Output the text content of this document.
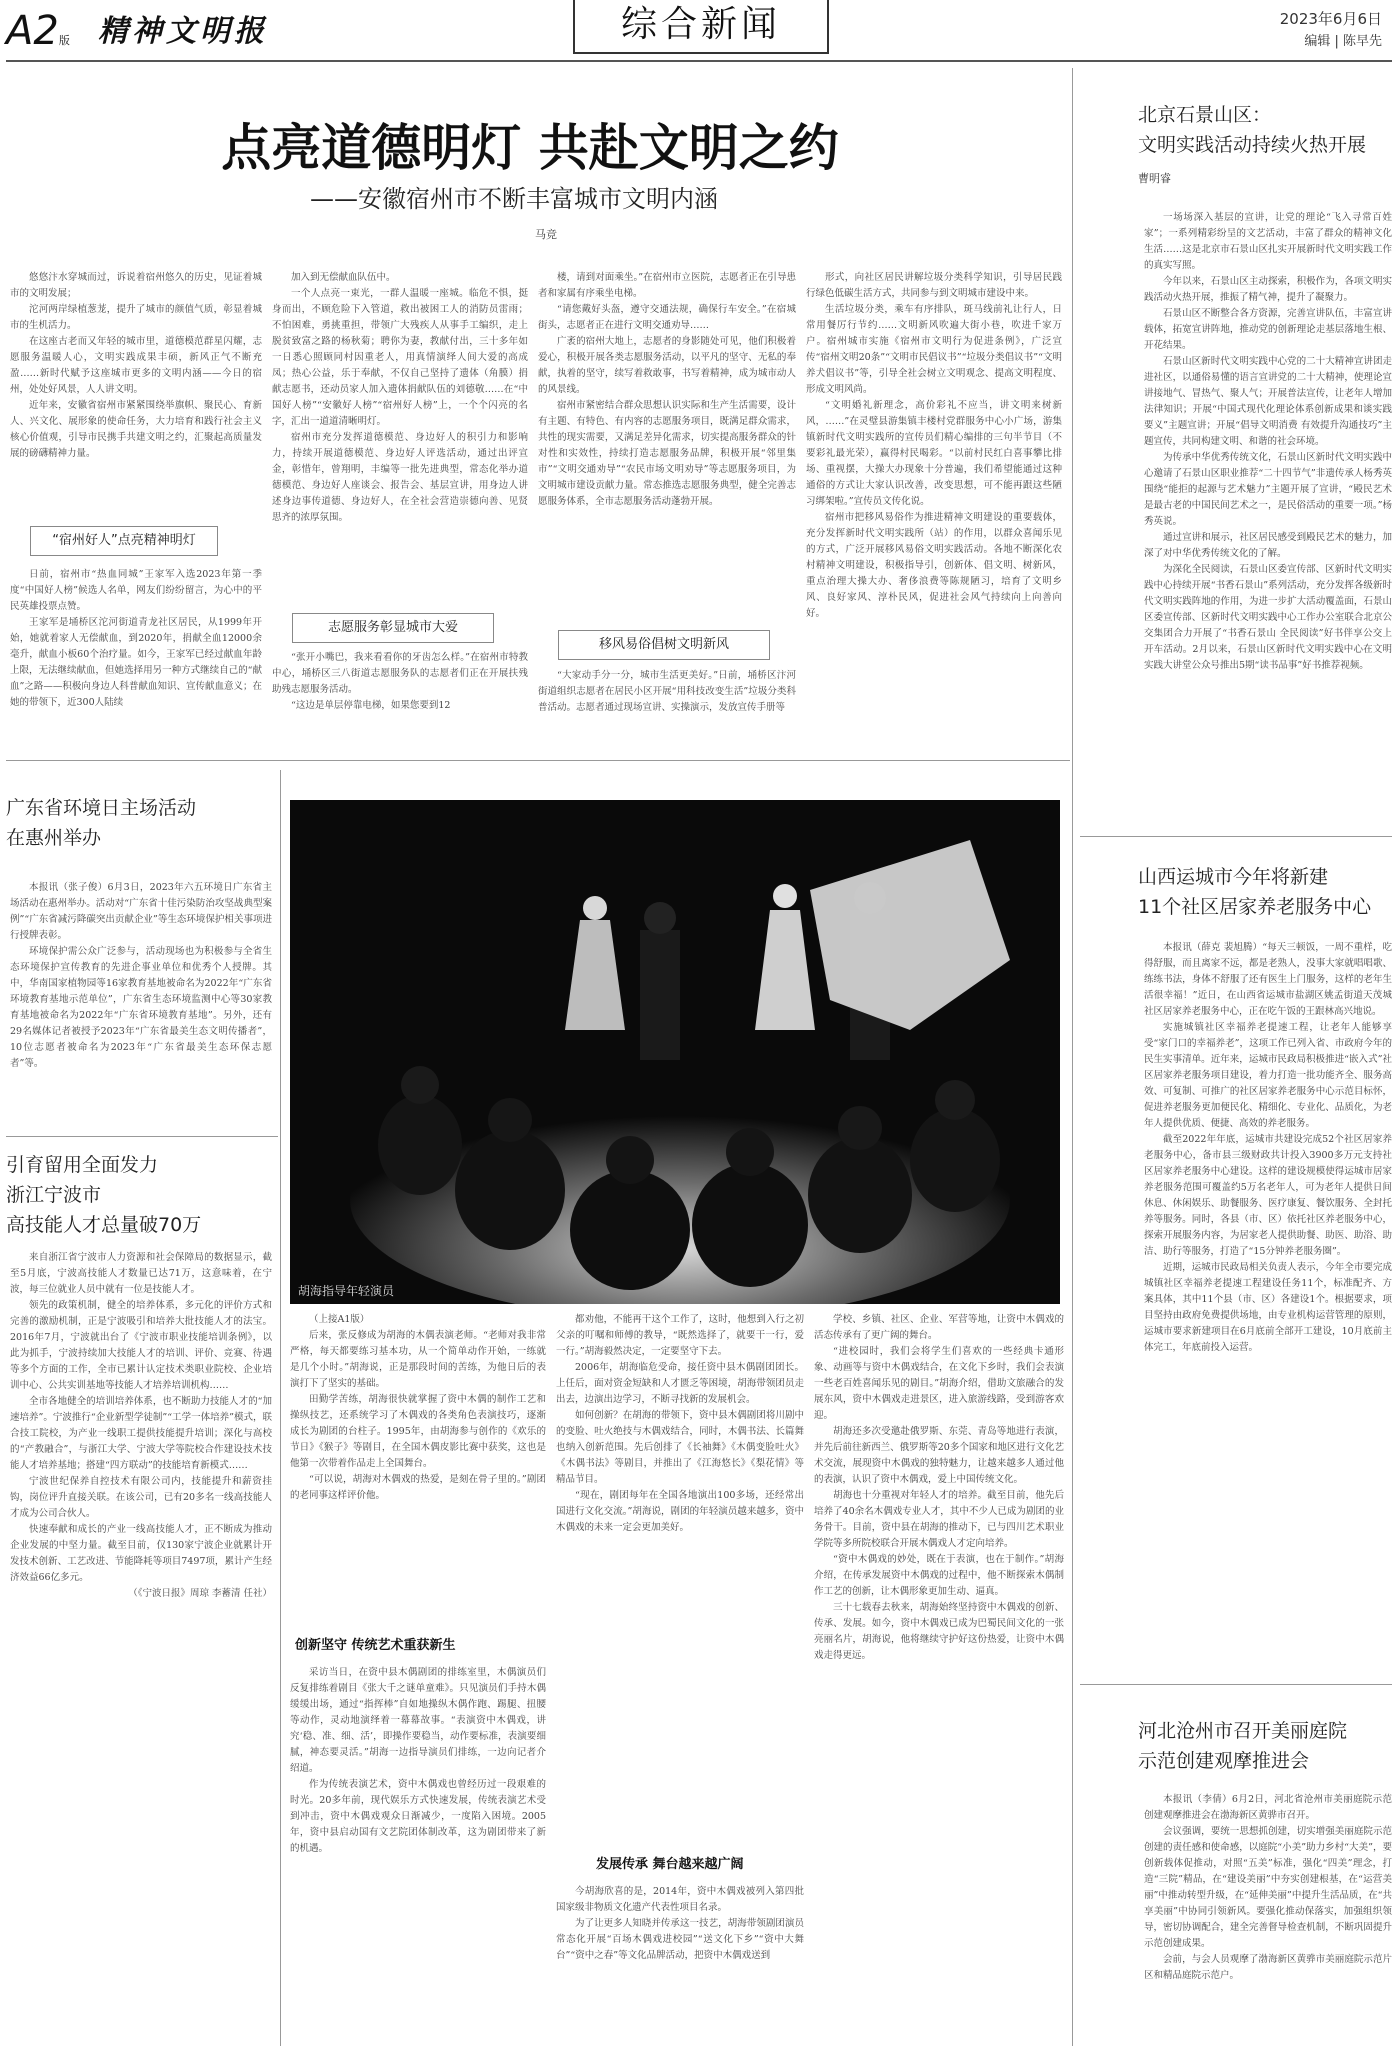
A2版 精神文明报	综合新闻	2023年6月6日
编辑 | 陈早先
点亮道德明灯 共赴文明之约
——安徽宿州市不断丰富城市文明内涵
马竞

悠悠汴水穿城而过，诉说着宿州悠久的历史，见证着城市的文明发展；

沱河两岸绿植葱茏，提升了城市的颜值气质，彰显着城市的生机活力。

在这座古老而又年轻的城市里，道德模范群星闪耀，志愿服务温暖人心，文明实践成果丰硕，新风正气不断充盈……新时代赋予这座城市更多的文明内涵——今日的宿州，处处好风景，人人讲文明。

近年来，安徽省宿州市紧紧围绕举旗帜、聚民心、育新人、兴文化、展形象的使命任务，大力培育和践行社会主义核心价值观，引导市民携手共建文明之约，汇聚起高质量发展的磅礴精神力量。

“宿州好人”点亮精神明灯

日前，宿州市“热血同城”王家军入选2023年第一季度“中国好人榜”候选人名单，网友们纷纷留言，为心中的平民英雄投票点赞。

王家军是埇桥区沱河街道青龙社区居民，从1999年开始，她就着家人无偿献血，到2020年，捐献全血12000余毫升，献血小板60个治疗量。如今，王家军已经过献血年龄上限，无法继续献血，但她选择用另一种方式继续自己的“献血”之路——积极向身边人科普献血知识、宣传献血意义；在她的带领下，近300人陆续

加入到无偿献血队伍中。

一个人点亮一束光，一群人温暖一座城。临危不惧，挺身而出，不顾危险下入管道，救出被困工人的消防员雷雨；不怕困难，勇挑重担，带领广大残疾人从事手工编织，走上脱贫致富之路的杨秋菊；聘你为妻，教献付出，三十多年如一日悉心照顾同村因重老人，用真情演绎人间大爱的高成凤；热心公益，乐于奉献，不仅自己坚持了遗体（角膜）捐献志愿书，还动员家人加入遗体捐献队伍的刘德敬……在“中国好人榜”“安徽好人榜”“宿州好人榜”上，一个个闪亮的名字，汇出一道道清晰明灯。

宿州市充分发挥道德模范、身边好人的积引力和影响力，持续开展道德模范、身边好人评选活动，通过出评宣金，彰惜年，曾翔明，丰编等一批先进典型，常态化举办道德模范、身边好人座谈会、报告会、基层宣讲，用身边人讲述身边事传道德、身边好人，在全社会营造崇德向善、见贤思齐的浓厚氛围。

志愿服务彰显城市大爱

“张开小嘴巴，我来看看你的牙齿怎么样。”在宿州市特教中心，埇桥区三八街道志愿服务队的志愿者们正在开展扶残助残志愿服务活动。

“这边是单层停靠电梯，如果您要到12

楼，请到对面乘坐。”在宿州市立医院，志愿者正在引导患者和家属有序乘坐电梯。

“请您戴好头盔，遵守交通法规，确保行车安全。”在宿城街头，志愿者正在进行文明交通劝导……

广袤的宿州大地上，志愿者的身影随处可见，他们积极着爱心，积极开展各类志愿服务活动，以平凡的坚守、无私的奉献，执着的坚守，续写着救敢事，书写着精神，成为城市动人的风景线。

宿州市紧密结合群众思想认识实际和生产生活需要，设计有主题、有特色、有内容的志愿服务项目，既满足群众需求，共性的现实需要，又满足差异化需求，切实提高服务群众的针对性和实效性，持续打造志愿服务品牌，积极开展“邻里集市”“文明交通劝导”“农民市场文明劝导”等志愿服务项目，为文明城市建设贡献力量。常态推选志愿服务典型，健全完善志愿服务体系，全市志愿服务活动蓬勃开展。

移风易俗倡树文明新风

“大家动手分一分，城市生活更美好。”日前，埇桥区汴河街道组织志愿者在居民小区开展“用科技改变生活”垃圾分类科普活动。志愿者通过现场宣讲、实操演示，发放宣传手册等

形式，向社区居民讲解垃圾分类科学知识，引导居民践行绿色低碳生活方式，共同参与到文明城市建设中来。

生活垃圾分类，乘车有序排队，斑马线前礼让行人，日常用餐厉行节约……文明新风吹遍大街小巷，吹进千家万户。宿州城市实施《宿州市文明行为促进条例》，广泛宣传“宿州文明20条”“文明市民倡议书”“垃圾分类倡议书”“文明养犬倡议书”等，引导全社会树立文明观念、提高文明程度、形成文明风尚。

“文明婚礼新理念，高价彩礼不应当，讲文明来树新风，……”在灵璧县游集镇丰楼村党群服务中心小广场，游集镇新时代文明实践所的宣传员们精心编排的三句半节目（不要彩礼最光荣），赢得村民喝彩。“以前村民红白喜事攀比排场、重视摆，大操大办现象十分普遍，我们希望能通过这种通俗的方式让大家认识改善，改变思想，可不能再跟这些陋习绑架啦。”宣传员文传化说。

宿州市把移风易俗作为推进精神文明建设的重要载体，充分发挥新时代文明实践所（站）的作用，以群众喜闻乐见的方式，广泛开展移风易俗文明实践活动。各地不断深化农村精神文明建设，积极指导引，创新体、倡文明、树新风，重点治理大操大办、奢侈浪费等陈规陋习，培育了文明乡风、良好家风、淳朴民风，促进社会风气持续向上向善向好。

北京石景山区：
文明实践活动持续火热开展
曹明睿

一场场深入基层的宣讲，让党的理论“飞入寻常百姓家”；一系列精彩纷呈的文艺活动，丰富了群众的精神文化生活……这是北京市石景山区扎实开展新时代文明实践工作的真实写照。

今年以来，石景山区主动探索，积极作为，各项文明实践活动火热开展，推振了精气神，提升了凝聚力。

石景山区不断整合各方资源，完善宣讲队伍，丰富宣讲载体，拓宽宣讲阵地，推动党的创新理论走基层落地生根、开花结果。

石景山区新时代文明实践中心党的二十大精神宣讲团走进社区，以通俗易懂的语言宣讲党的二十大精神，使理论宣讲接地气、冒热气、聚人气；开展普法宣传，让老年人增加法律知识；开展“中国式现代化理论体系创新成果和谈实践要义”主题宣讲；开展“倡导文明消费 有效提升沟通技巧”主题宣传，共同构建文明、和谐的社会环境。

为传承中华优秀传统文化，石景山区新时代文明实践中心邀请了石景山区职业推荐“二十四节气”非遗传承人杨秀英围绕“能拒的起源与艺术魅力”主题开展了宣讲，“殿民艺术是最古老的中国民间艺术之一，是民俗活动的重要一项。”杨秀英说。

通过宣讲和展示，社区居民感受到殿民艺术的魅力，加深了对中华优秀传统文化的了解。

为深化全民阅读，石景山区委宣传部、区新时代文明实践中心持续开展“书香石景山”系列活动，充分发挥各级新时代文明实践阵地的作用，为进一步扩大活动覆盖面，石景山区委宣传部、区新时代文明实践中心工作办公室联合北京公交集团合力开展了“书香石景山 全民阅读”好书伴享公交上开车活动。2月以来，石景山区新时代文明实践中心在文明实践大讲堂公众号推出5期“读书品事”好书推荐视频。

广东省环境日主场活动
在惠州举办

本报讯（张子俊）6月3日，2023年六五环境日广东省主场活动在惠州举办。活动对“广东省十佳污染防治攻坚战典型案例”“广东省减污降碳突出贡献企业”等生态环境保护相关事项进行授牌表彰。

环境保护需公众广泛参与，活动现场也为积极参与全省生态环境保护宣传教育的先进企事业单位和优秀个人授牌。其中，华南国家植物园等16家教育基地被命名为2022年“广东省环境教育基地示范单位”，广东省生态环境监测中心等30家教育基地被命名为2022年“广东省环境教育基地”。另外，还有29名媒体记者被授予2023年“广东省最美生态文明传播者”，10位志愿者被命名为2023年“广东省最美生态环保志愿者”等。

引育留用全面发力
浙江宁波市
高技能人才总量破70万

来自浙江省宁波市人力资源和社会保障局的数据显示，截至5月底，宁波高技能人才数量已达71万，这意味着，在宁波，每三位就业人员中就有一位是技能人才。

领先的政策机制，健全的培养体系，多元化的评价方式和完善的激励机制，正是宁波吸引和培养大批技能人才的法宝。2016年7月，宁波就出台了《宁波市职业技能培训条例》，以此为抓手，宁波持续加大技能人才的培训、评价、竞赛、待遇等多个方面的工作，全市已累计认定技术类职业院校、企业培训中心、公共实训基地等技能人才培养培训机构……

全市各地健全的培训培养体系，也不断助力技能人才的“加速培养”。宁波推行“企业新型学徒制”“工学一体培养”模式，联合技工院校，为产业一线职工提供技能提升培训；深化与高校的“产教融合”，与浙江大学、宁波大学等院校合作建设技术技能人才培养基地；搭建“四方联动”的技能培育新模式……

宁波世纪保养自控技术有限公司内，技能提升和薪资挂钩，岗位评升直接关联。在该公司，已有20多名一线高技能人才成为公司合伙人。

快速奉献和成长的产业一线高技能人才，正不断成为推动企业发展的中坚力量。截至目前，仅130家宁波企业就累计开发技术创新、工艺改进、节能降耗等项目7497项，累计产生经济效益66亿多元。

（《宁波日报》周琼 李蓄清 任社）

胡海指导年轻演员

（上接A1版）

后来，张反修成为胡海的木偶表演老师。“老师对我非常严格，每天都要练习基本功，从一个简单动作开始，一练就是几个小时。”胡海说，正是那段时间的苦练，为他日后的表演打下了坚实的基础。

田勤学苦练，胡海很快就掌握了资中木偶的制作工艺和操纵技艺，还系统学习了木偶戏的各类角色表演技巧，逐渐成长为剧团的台柱子。1995年，由胡海参与创作的《欢乐的节日》《猴子》等剧目，在全国木偶皮影比赛中获奖，这也是他第一次带着作品走上全国舞台。

“可以说，胡海对木偶戏的热爱，是刻在骨子里的。”剧团的老同事这样评价他。

创新坚守 传统艺术重获新生

采访当日，在资中县木偶剧团的排练室里，木偶演员们反复排练着剧目《张大千之谜单童难》。只见演员们手持木偶缓缓出场，通过“指挥棒”自如地操纵木偶作跑、踢腿、扭腰等动作，灵动地演绎着一幕幕故事。“表演资中木偶戏，讲究‘稳、准、细、活’，即操作要稳当，动作要标准，表演要细腻，神态要灵活。”胡海一边指导演员们排练，一边向记者介绍道。

作为传统表演艺术，资中木偶戏也曾经历过一段艰难的时光。20多年前，现代娱乐方式快速发展，传统表演艺术受到冲击，资中木偶戏观众日渐减少，一度陷入困境。2005年，资中县启动国有文艺院团体制改革，这为剧团带来了新的机遇。

都劝他，不能再干这个工作了，这时，他想到入行之初父亲的叮嘱和师傅的教导，“既然选择了，就要干一行，爱一行。”胡海毅然决定，一定要坚守下去。

2006年，胡海临危受命，接任资中县木偶剧团团长。上任后，面对资金短缺和人才匮乏等困境，胡海带领团员走出去，边演出边学习，不断寻找新的发展机会。

如何创新？在胡海的带领下，资中县木偶剧团将川剧中的变脸、吐火绝技与木偶戏结合，同时，木偶书法、长篇舞也纳入创新范围。先后创排了《长袖舞》《木偶变脸吐火》《木偶书法》等剧目，并推出了《江海悠长》《梨花情》等精品节目。

“现在，剧团每年在全国各地演出100多场，还经常出国进行文化交流。”胡海说，剧团的年轻演员越来越多，资中木偶戏的未来一定会更加美好。

发展传承 舞台越来越广阔

今胡海欣喜的是，2014年，资中木偶戏被列入第四批国家级非物质文化遗产代表性项目名录。

为了让更多人知晓并传承这一技艺，胡海带领剧团演员常态化开展“百场木偶戏进校园”“送文化下乡”“资中大舞台”“资中之春”等文化品牌活动，把资中木偶戏送到

学校、乡镇、社区、企业、军营等地，让资中木偶戏的活态传承有了更广阔的舞台。

“进校园时，我们会将学生们喜欢的一些经典卡通形象、动画等与资中木偶戏结合，在文化下乡时，我们会表演一些老百姓喜闻乐见的剧目。”胡海介绍，借助文旅融合的发展东风，资中木偶戏走进景区，进入旅游线路，受到游客欢迎。

胡海还多次受邀赴俄罗斯、东莞、青岛等地进行表演，并先后前往新西兰、俄罗斯等20多个国家和地区进行文化艺术交流，展现资中木偶戏的独特魅力，让越来越多人通过他的表演，认识了资中木偶戏，爱上中国传统文化。

胡海也十分重视对年轻人才的培养。截至目前，他先后培养了40余名木偶戏专业人才，其中不少人已成为剧团的业务骨干。目前，资中县在胡海的推动下，已与四川艺术职业学院等多所院校联合开展木偶戏人才定向培养。

“资中木偶戏的妙处，既在于表演，也在于制作。”胡海介绍，在传承发展资中木偶戏的过程中，他不断探索木偶制作工艺的创新，让木偶形象更加生动、逼真。

三十七载春去秋来，胡海始终坚持资中木偶戏的创新、传承、发展。如今，资中木偶戏已成为巴蜀民间文化的一张亮丽名片，胡海说，他将继续守护好这份热爱，让资中木偶戏走得更远。

山西运城市今年将新建
11个社区居家养老服务中心

本报讯（薛克 裴旭腾）“每天三顿饭，一周不重样，吃得舒服，而且离家不远，都是老熟人，没事大家就唱唱歌、练练书法，身体不舒服了还有医生上门服务，这样的老年生活很幸福！”近日，在山西省运城市盐湖区姚孟街道天茂城社区居家养老服务中心，正在吃午饭的王跟林高兴地说。

实施城镇社区幸福养老提速工程，让老年人能够享受“家门口的幸福养老”，这项工作已列入省、市政府今年的民生实事清单。近年来，运城市民政局积极推进“嵌入式”社区居家养老服务项目建设，着力打造一批功能齐全、服务高效、可复制、可推广的社区居家养老服务中心示范目标怀，促进养老服务更加便民化、精细化、专业化、品质化，为老年人提供优质、便捷、高效的养老服务。

截至2022年年底，运城市共建设完成52个社区居家养老服务中心，备市县三级财政共计投入3900多万元支持社区居家养老服务中心建设。这样的建设规模使得运城市居家养老服务范围可覆盖约5万名老年人，可为老年人提供日间休息、休闲娱乐、助餐服务、医疗康复、餐饮服务、全封托养等服务。同时，各县（市、区）依托社区养老服务中心，探索开展服务内容，为居家老人提供助餐、助医、助浴、助洁、助行等服务，打造了“15分钟养老服务圈”。

近期，运城市民政局相关负责人表示，今年全市要完成城镇社区幸福养老提速工程建设任务11个，标准配齐、方案具体，其中11个县（市、区）各建设1个。根据要求，项目坚持由政府免费提供场地，由专业机构运营管理的原则，运城市要求新建项目在6月底前全部开工建设，10月底前主体完工，年底前投入运营。

河北沧州市召开美丽庭院
示范创建观摩推进会

本报讯（李倩）6月2日，河北省沧州市美丽庭院示范创建观摩推进会在渤海新区黄骅市召开。

会议强调，要统一思想抓创建，切实增强美丽庭院示范创建的责任感和使命感，以庭院“小美”助力乡村“大美”，要创新载体促推动，对照“五美”标准，强化“四美”理念，打造“三院”精品，在“建设美丽”中夯实创建根基，在“运营美丽”中推动转型升级，在“延伸美丽”中提升生活品质，在“共享美丽”中协同引领新风。要强化推动保落实，加强组织领导，密切协调配合，建全完善督导检查机制，不断巩固提升示范创建成果。

会前，与会人员观摩了渤海新区黄骅市美丽庭院示范片区和精品庭院示范户。
